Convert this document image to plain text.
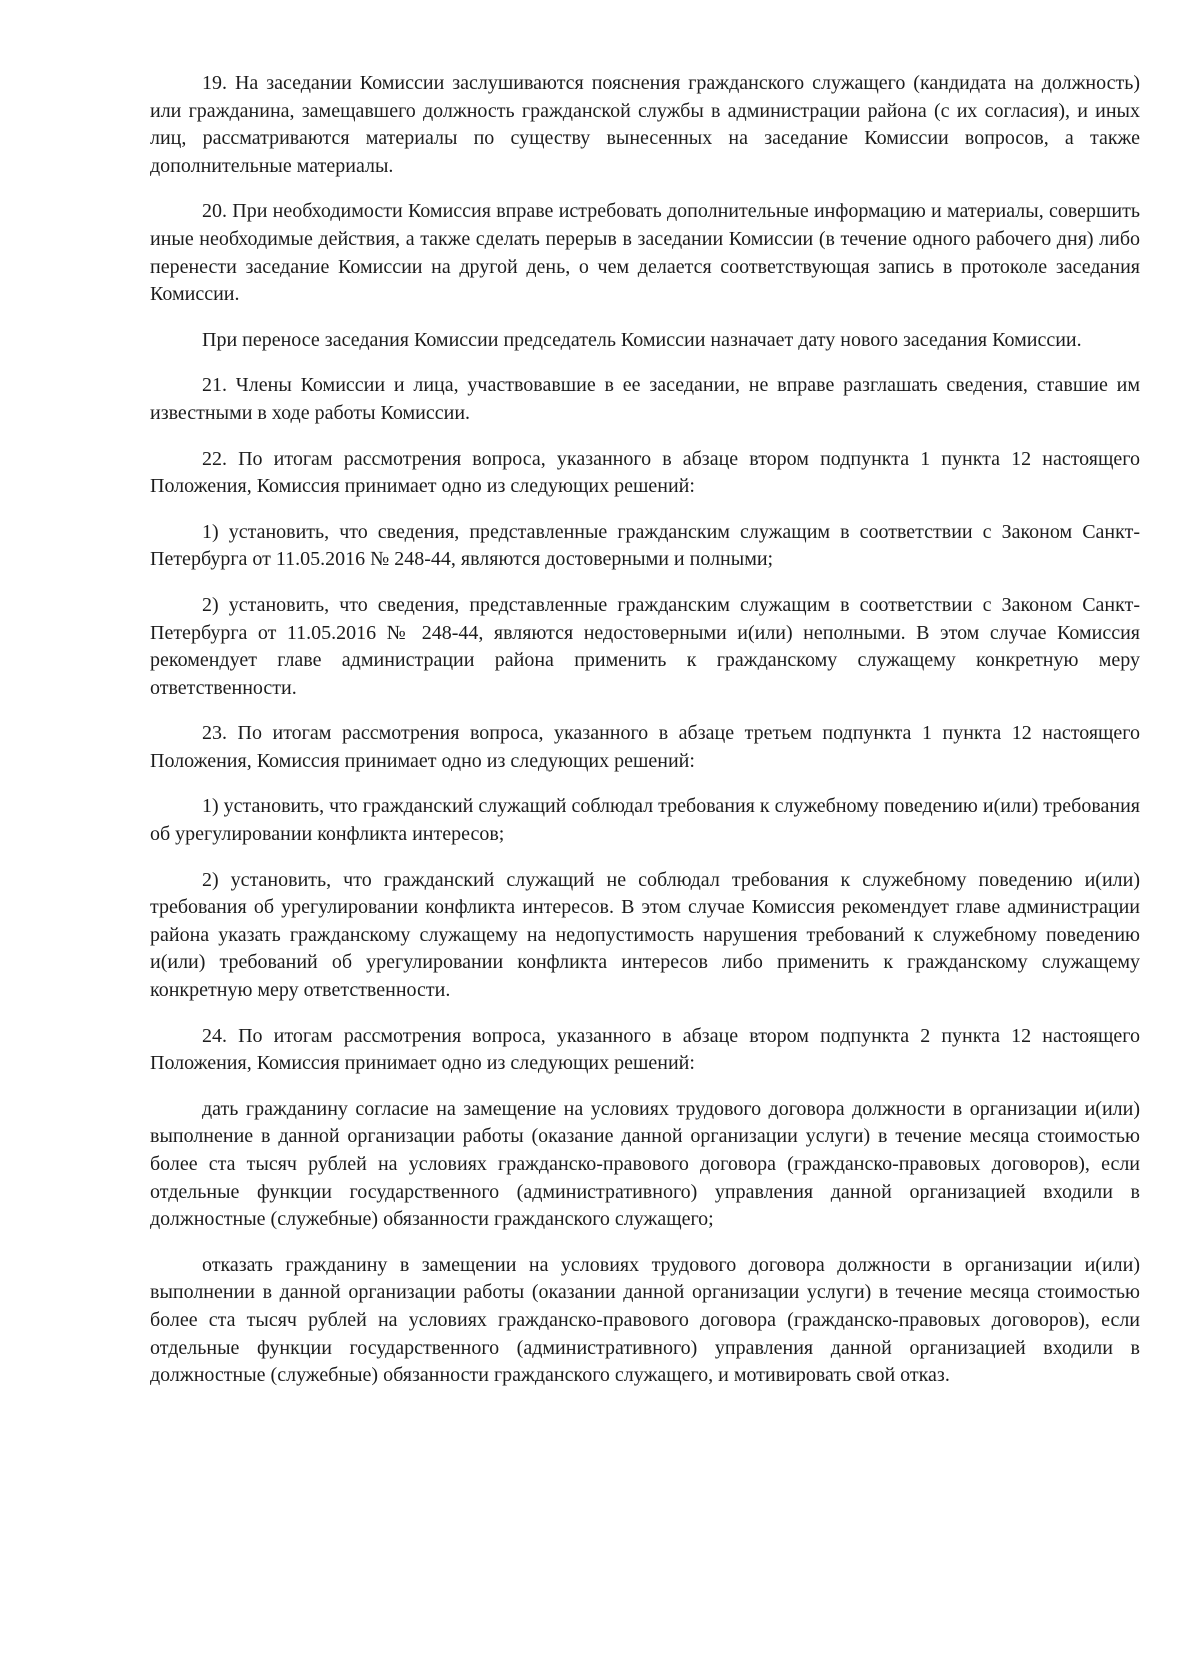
19. На заседании Комиссии заслушиваются пояснения гражданского служащего (кандидата на должность) или гражданина, замещавшего должность гражданской службы в администрации района (с их согласия), и иных лиц, рассматриваются материалы по существу вынесенных на заседание Комиссии вопросов, а также дополнительные материалы.

20. При необходимости Комиссия вправе истребовать дополнительные информацию и материалы, совершить иные необходимые действия, а также сделать перерыв в заседании Комиссии (в течение одного рабочего дня) либо перенести заседание Комиссии на другой день, о чем делается соответствующая запись в протоколе заседания Комиссии.

При переносе заседания Комиссии председатель Комиссии назначает дату нового заседания Комиссии.

21. Члены Комиссии и лица, участвовавшие в ее заседании, не вправе разглашать сведения, ставшие им известными в ходе работы Комиссии.

22. По итогам рассмотрения вопроса, указанного в абзаце втором подпункта 1 пункта 12 настоящего Положения, Комиссия принимает одно из следующих решений:

1) установить, что сведения, представленные гражданским служащим в соответствии с Законом Санкт-Петербурга от 11.05.2016 № 248-44, являются достоверными и полными;

2) установить, что сведения, представленные гражданским служащим в соответствии с Законом Санкт-Петербурга от 11.05.2016 № 248-44, являются недостоверными и(или) неполными. В этом случае Комиссия рекомендует главе администрации района применить к гражданскому служащему конкретную меру ответственности.

23. По итогам рассмотрения вопроса, указанного в абзаце третьем подпункта 1 пункта 12 настоящего Положения, Комиссия принимает одно из следующих решений:

1) установить, что гражданский служащий соблюдал требования к служебному поведению и(или) требования об урегулировании конфликта интересов;

2) установить, что гражданский служащий не соблюдал требования к служебному поведению и(или) требования об урегулировании конфликта интересов. В этом случае Комиссия рекомендует главе администрации района указать гражданскому служащему на недопустимость нарушения требований к служебному поведению и(или) требований об урегулировании конфликта интересов либо применить к гражданскому служащему конкретную меру ответственности.

24. По итогам рассмотрения вопроса, указанного в абзаце втором подпункта 2 пункта 12 настоящего Положения, Комиссия принимает одно из следующих решений:

дать гражданину согласие на замещение на условиях трудового договора должности в организации и(или) выполнение в данной организации работы (оказание данной организации услуги) в течение месяца стоимостью более ста тысяч рублей на условиях гражданско-правового договора (гражданско-правовых договоров), если отдельные функции государственного (административного) управления данной организацией входили в должностные (служебные) обязанности гражданского служащего;

отказать гражданину в замещении на условиях трудового договора должности в организации и(или) выполнении в данной организации работы (оказании данной организации услуги) в течение месяца стоимостью более ста тысяч рублей на условиях гражданско-правового договора (гражданско-правовых договоров), если отдельные функции государственного (административного) управления данной организацией входили в должностные (служебные) обязанности гражданского служащего, и мотивировать свой отказ.
